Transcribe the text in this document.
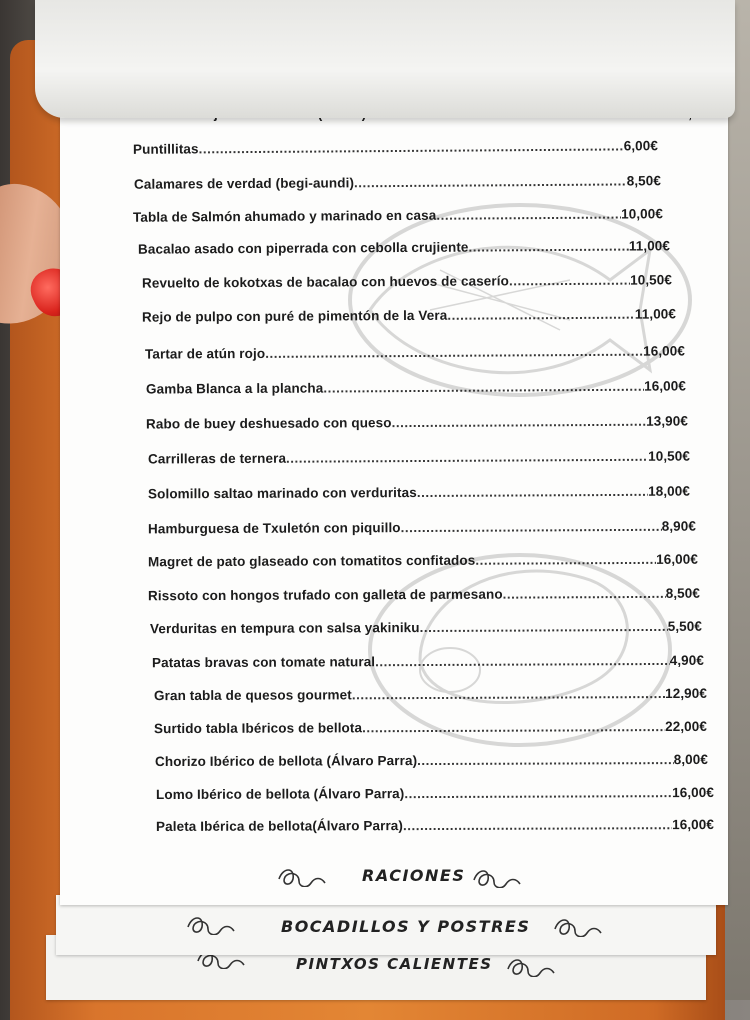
PINTXOS CALIENTES
BOCADILLOS Y POSTRES
.....
Puntillitas .....	6,00€
Calamares de verdad (begi-aundi) .....	8,50€
Tabla de Salmón ahumado y marinado en casa .....	10,00€
Bacalao asado con piperrada con cebolla crujiente .....	11,00€
Revuelto de kokotxas de bacalao con huevos de caserío .....	10,50€
Rejo de pulpo con puré de pimentón de la Vera .....	11,00€
Tartar de atún rojo .....	16,00€
Gamba Blanca a la plancha .....	16,00€
Rabo de buey deshuesado con queso .....	13,90€
Carrilleras de ternera .....	10,50€
Solomillo saltao marinado con verduritas .....	18,00€
Hamburguesa de Txuletón con piquillo .....	8,90€
Magret de pato glaseado con tomatitos confitados .....	16,00€
Rissoto con hongos trufado con galleta de parmesano .....	8,50€
Verduritas en tempura con salsa yakiniku .....	5,50€
Patatas bravas con tomate natural .....	4,90€
Gran tabla de quesos gourmet .....	12,90€
Surtido tabla Ibéricos de bellota .....	22,00€
Chorizo Ibérico de bellota (Álvaro Parra) .....	8,00€
Lomo Ibérico de bellota (Álvaro Parra) .....	16,00€
Paleta Ibérica de bellota(Álvaro Parra) .....	16,00€
RACIONES
